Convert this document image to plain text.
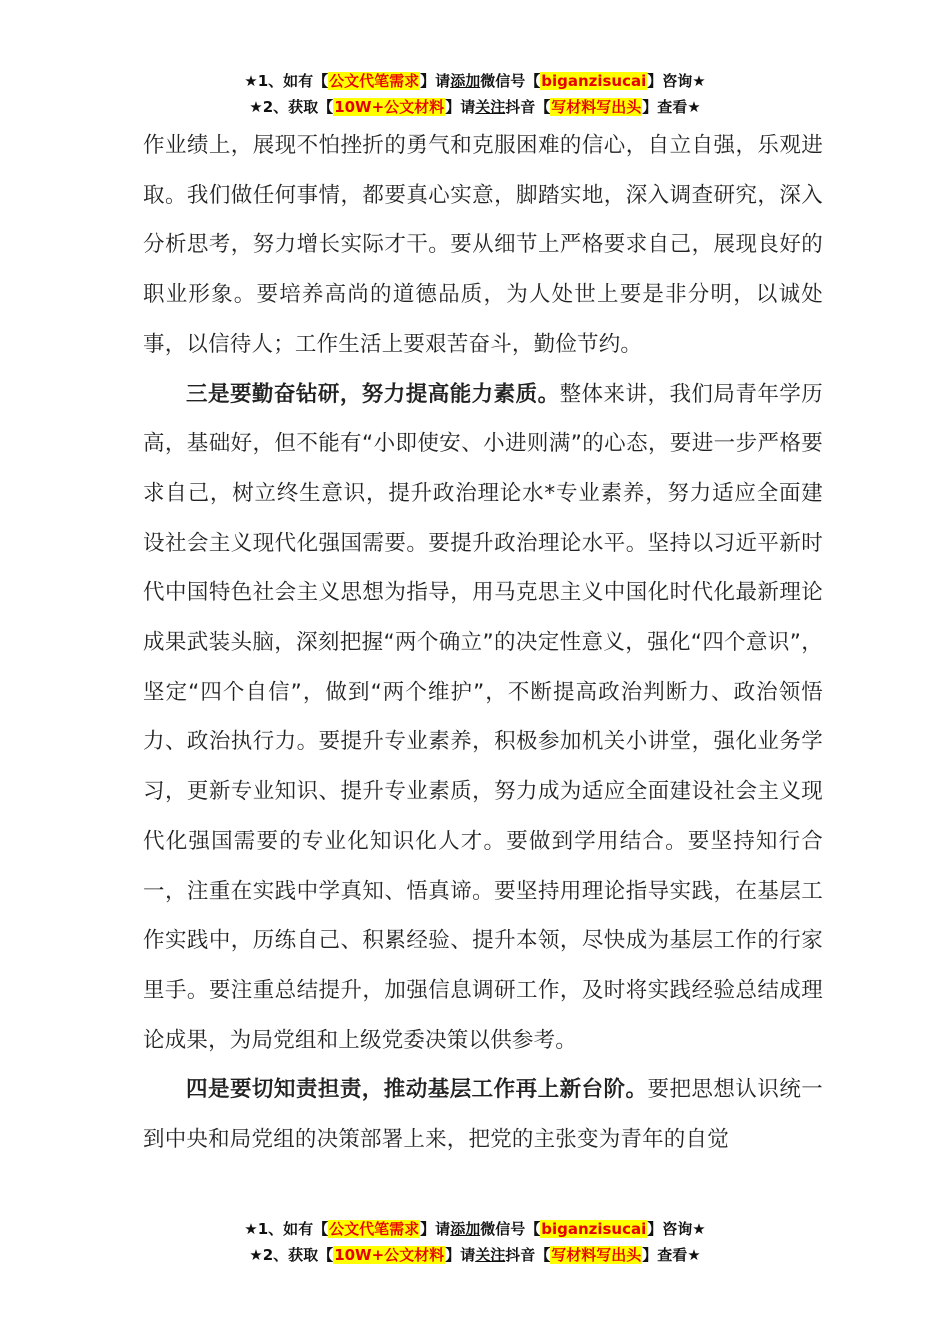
★1、如有【公文代笔需求】请添加微信号【biganzisucai】咨询★
★2、获取【10W+公文材料】请关注抖音【写材料写出头】查看★

作业绩上，展现不怕挫折的勇气和克服困难的信心，自立自强，乐观进取。我们做任何事情，都要真心实意，脚踏实地，深入调查研究，深入分析思考，努力增长实际才干。要从细节上严格要求自己，展现良好的职业形象。要培养高尚的道德品质，为人处世上要是非分明，以诚处事，以信待人；工作生活上要艰苦奋斗，勤俭节约。

三是要勤奋钻研，努力提高能力素质。整体来讲，我们局青年学历高，基础好，但不能有“小即使安、小进则满”的心态，要进一步严格要求自己，树立终生意识，提升政治理论水*专业素养，努力适应全面建设社会主义现代化强国需要。要提升政治理论水平。坚持以习近平新时代中国特色社会主义思想为指导，用马克思主义中国化时代化最新理论成果武装头脑，深刻把握“两个确立”的决定性意义，强化“四个意识”，坚定“四个自信”，做到“两个维护”，不断提高政治判断力、政治领悟力、政治执行力。要提升专业素养，积极参加机关小讲堂，强化业务学习，更新专业知识、提升专业素质，努力成为适应全面建设社会主义现代化强国需要的专业化知识化人才。要做到学用结合。要坚持知行合一，注重在实践中学真知、悟真谛。要坚持用理论指导实践，在基层工作实践中，历练自己、积累经验、提升本领，尽快成为基层工作的行家里手。要注重总结提升，加强信息调研工作，及时将实践经验总结成理论成果，为局党组和上级党委决策以供参考。

四是要切知责担责，推动基层工作再上新台阶。要把思想认识统一到中央和局党组的决策部署上来，把党的主张变为青年的自觉

★1、如有【公文代笔需求】请添加微信号【biganzisucai】咨询★
★2、获取【10W+公文材料】请关注抖音【写材料写出头】查看★
